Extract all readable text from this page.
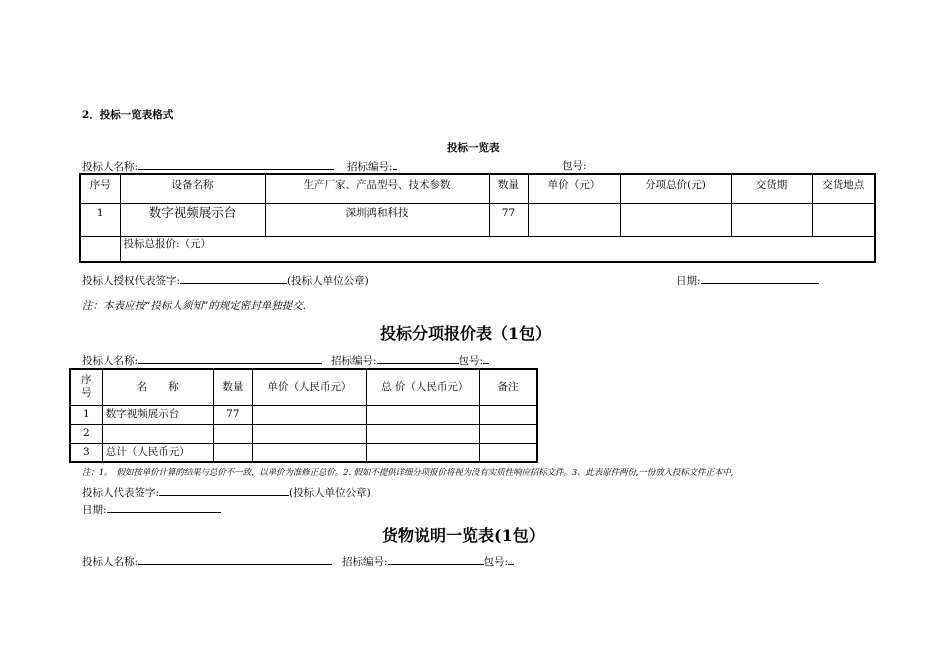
2．投标一览表格式
投标一览表
投标人名称:	招标编号:	包号:
序号	设备名称	生产厂家、产品型号、技术参数	数量	单价（元）	分项总价(元)	交货期	交货地点
1	数字视频展示台	深圳鸿和科技	77				
	投标总报价:（元）						
投标人授权代表签字:	(投标人单位公章)	日期:
注：本表应按“投标人须知”的规定密封单独提交.
投标分项报价表（1包）
投标人名称:	招标编号:	包号:
序号	名　　称	数量	单价（人民币元）	总 价（人民币元）	备注
1	数字视频展示台	77			
2					
3	总计（人民币元）				
注：1。　假如按单价计算的结果与总价不一致，以单价为准修正总价。2. 假如不提供详细分项报价将视为没有实质性响应招标文件。3、此表原件两份,一份放入投标文件正本中,
投标人代表签字:	(投标人单位公章)
日期:
货物说明一览表(1包）
投标人名称:	招标编号:	包号:
